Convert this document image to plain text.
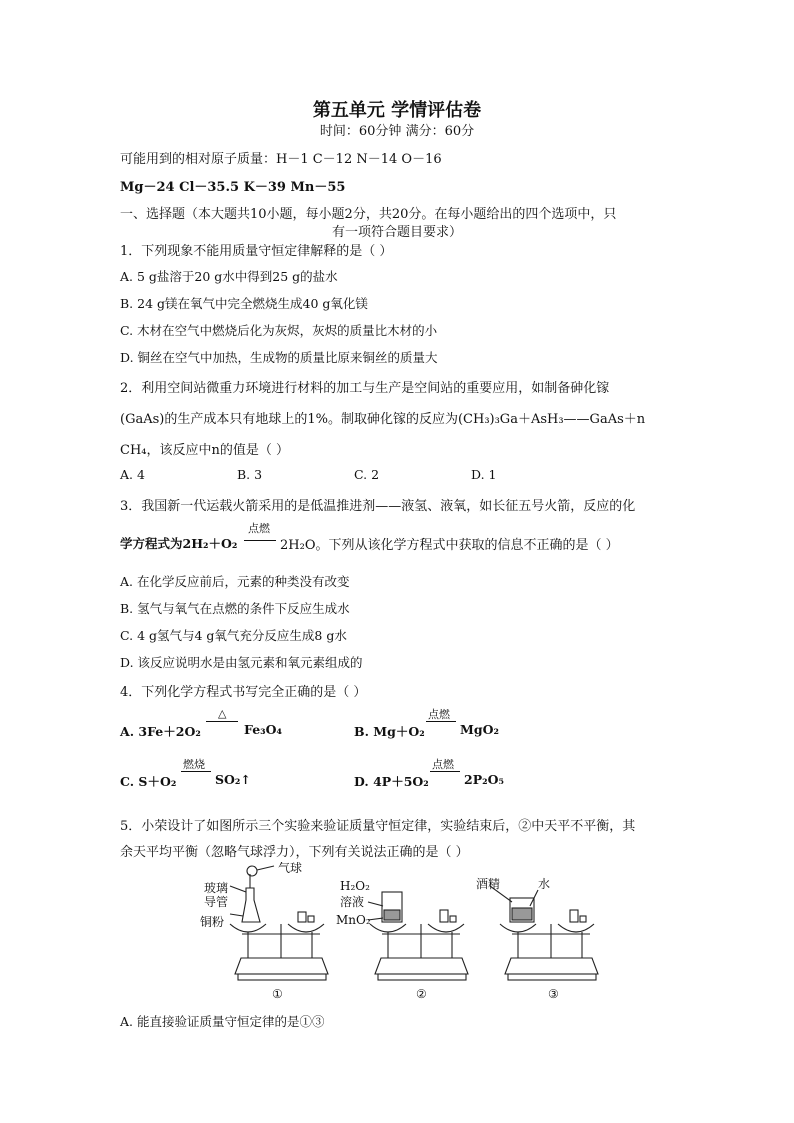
第五单元 学情评估卷
时间：60分钟 满分：60分
可能用到的相对原子质量：H－1 C－12 N－14 O－16
Mg－24 Cl－35.5 K－39 Mn－55
一、选择题（本大题共10小题，每小题2分，共20分。在每小题给出的四个选项中，只
有一项符合题目要求）
1．下列现象不能用质量守恒定律解释的是（ ）
A. 5 g盐溶于20 g水中得到25 g的盐水
B. 24 g镁在氧气中完全燃烧生成40 g氧化镁
C. 木材在空气中燃烧后化为灰烬，灰烬的质量比木材的小
D. 铜丝在空气中加热，生成物的质量比原来铜丝的质量大
2．利用空间站微重力环境进行材料的加工与生产是空间站的重要应用，如制备砷化镓
(GaAs)的生产成本只有地球上的1%。制取砷化镓的反应为(CH₃)₃Ga＋AsH₃——GaAs＋n
CH₄，该反应中n的值是（ ）
A. 4	B. 3	C. 2	D. 1
3．我国新一代运载火箭采用的是低温推进剂——液氢、液氧，如长征五号火箭，反应的化
学方程式为2H₂＋O₂
点燃
2H₂O。下列从该化学方程式中获取的信息不正确的是（ ）
A. 在化学反应前后，元素的种类没有改变
B. 氢气与氧气在点燃的条件下反应生成水
C. 4 g氢气与4 g氧气充分反应生成8 g水
D. 该反应说明水是由氢元素和氧元素组成的
4．下列化学方程式书写完全正确的是（ ）
A. 3Fe＋2O₂
△
Fe₃O₄	B. Mg＋O₂
点燃
MgO₂
C. S＋O₂
燃烧
SO₂↑	D. 4P＋5O₂
点燃
2P₂O₅
5．小荣设计了如图所示三个实验来验证质量守恒定律，实验结束后，②中天平不平衡，其
余天平均平衡（忽略气球浮力），下列有关说法正确的是（ ）
玻璃
导管
铜粉
气球
H₂O₂
溶液
MnO₂
酒精	水
①	②	③
A. 能直接验证质量守恒定律的是①③
